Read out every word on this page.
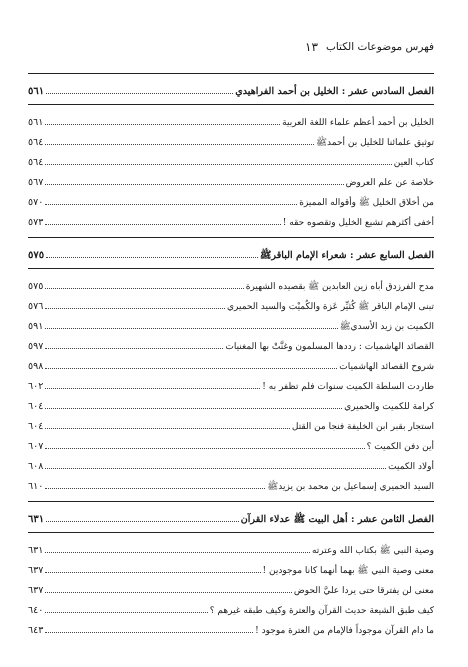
فهرس موضوعات الكتاب
١٣
الفصل السادس عشر : الخليل بن أحمد الفراهيدي
٥٦١
الخليل بن أحمد أعظم علماء اللغة العربية
٥٦١
توثيق علمائنا للخليل بن أحمدﷺ
٥٦٤
كتاب العين
٥٦٤
خلاصة عن علم العروض
٥٦٧
من أخلاق الخليل ﷺ وأقواله المميزة
٥٧٠
أخفى أكثرهم تشيع الخليل وتقصوه حقه !
٥٧٣
الفصل السابع عشر : شعراء الإمام الباقرﷺ
٥٧٥
مدح الفرزدق أباه زين العابدين ﷺ بقصيده الشهيرة
٥٧٥
تبنى الإمام الباقر ﷺ كُثيِّر عَزة والكُميْت والسيد الحميري
٥٧٦
الكميت بن زيد الأسديﷺ
٥٩١
القصائد الهاشميات : رددها المسلمون وغنَّتْ بها المغنيات
٥٩٧
شروح القصائد الهاشميات
٥٩٨
طاردت السلطة الكميت سنوات فلم تظفر به !
٦٠٢
كرامة للكميت والحميري
٦٠٤
استجار بقبر ابن الخليفة فنجا من القتل
٦٠٤
أين دفن الكميت ؟
٦٠٧
أولاد الكميت
٦٠٨
السيد الحميري إسماعيل بن محمد بن يزيدﷺ
٦١٠
الفصل الثامن عشر : أهل البيت ﷺ عدلاء القرآن
٦٣١
وصية النبي ﷺ بكتاب الله وعترته
٦٣١
معنى وصية النبي ﷺ بهما أنهما كانا موجودين !
٦٣٧
معنى لن يفترقا حتى يردا عليَّ الحوض
٦٣٧
كيف طبق الشيعة حديث القرآن والعترة وكيف طبقه غيرهم ؟
٦٤٠
ما دام القرآن موجوداً فالإمام من العترة موجود !
٦٤٣
